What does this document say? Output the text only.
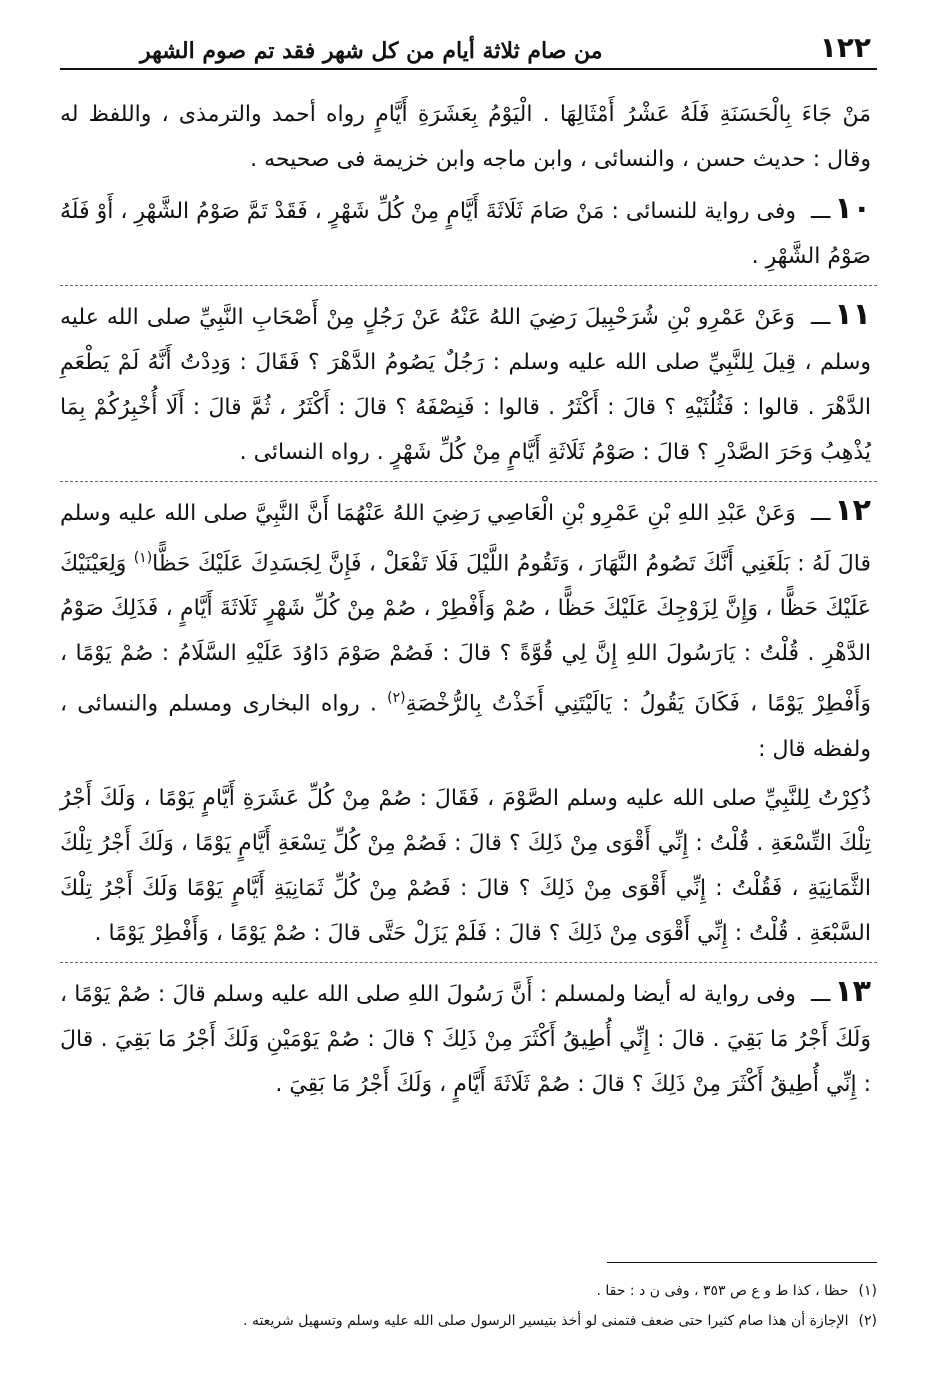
١٢٢
من صام ثلاثة أيام من كل شهر فقد تم صوم الشهر

مَنْ جَاءَ بِالْحَسَنَةِ فَلَهُ عَشْرُ أَمْثَالِهَا . الْيَوْمُ بِعَشَرَةِ أَيَّامٍ رواه أحمد والترمذى ، واللفظ له وقال : حديث حسن ، والنسائى ، وابن ماجه وابن خزيمة فى صحيحه .

١٠ـــ وفى رواية للنسائى : مَنْ صَامَ ثَلَاثَةَ أَيَّامٍ مِنْ كُلِّ شَهْرٍ ، فَقَدْ تَمَّ صَوْمُ الشَّهْرِ ، أَوْ فَلَهُ صَوْمُ الشَّهْرِ .

١١ـــ وَعَنْ عَمْرِو بْنِ شُرَحْبِيلَ رَضِيَ اللهُ عَنْهُ عَنْ رَجُلٍ مِنْ أَصْحَابِ النَّبِيِّ صلى الله عليه وسلم ، قِيلَ لِلنَّبِيِّ صلى الله عليه وسلم : رَجُلٌ يَصُومُ الدَّهْرَ ؟ فَقَالَ : وَدِدْتُ أَنَّهُ لَمْ يَطْعَمِ الدَّهْرَ . قالوا : فَثُلُثَيْهِ ؟ قالَ : أَكْثَرُ . قالوا : فَنِصْفَهُ ؟ قالَ : أَكْثَرُ ، ثُمَّ قالَ : أَلَا أُخْبِرُكُمْ بِمَا يُذْهِبُ وَحَرَ الصَّدْرِ ؟ قالَ : صَوْمُ ثَلَاثَةِ أَيَّامٍ مِنْ كُلِّ شَهْرٍ . رواه النسائى .

١٢ـــ وَعَنْ عَبْدِ اللهِ بْنِ عَمْرِو بْنِ الْعَاصِي رَضِيَ اللهُ عَنْهُمَا أَنَّ النَّبِيَّ صلى الله عليه وسلم قالَ لَهُ : بَلَغَنِي أَنَّكَ تَصُومُ النَّهَارَ ، وَتَقُومُ اللَّيْلَ فَلَا تَفْعَلْ ، فَإِنَّ لِجَسَدِكَ عَلَيْكَ حَظًّا$^{(١)}$ وَلِعَيْنَيْكَ عَلَيْكَ حَظًّا ، وَإِنَّ لِزَوْجِكَ عَلَيْكَ حَظًّا ، صُمْ وَأَفْطِرْ ، صُمْ مِنْ كُلِّ شَهْرٍ ثَلَاثَةَ أَيَّامٍ ، فَذَلِكَ صَوْمُ الدَّهْرِ . قُلْتُ : يَارَسُولَ اللهِ إِنَّ لِي قُوَّةً ؟ قالَ : فَصُمْ صَوْمَ دَاوُدَ عَلَيْهِ السَّلَامُ : صُمْ يَوْمًا ، وَأَفْطِرْ يَوْمًا ، فَكَانَ يَقُولُ : يَالَيْتَنِي أَخَذْتُ بِالرُّخْصَةِ$^{(٢)}$ . رواه البخارى ومسلم والنسائى ، ولفظه قال :

ذُكِرْتُ لِلنَّبِيِّ صلى الله عليه وسلم الصَّوْمَ ، فَقَالَ : صُمْ مِنْ كُلِّ عَشَرَةِ أَيَّامٍ يَوْمًا ، وَلَكَ أَجْرُ تِلْكَ التِّسْعَةِ . قُلْتُ : إِنِّي أَقْوَى مِنْ ذَلِكَ ؟ قالَ : فَصُمْ مِنْ كُلِّ تِسْعَةِ أَيَّامٍ يَوْمًا ، وَلَكَ أَجْرُ تِلْكَ الثَّمَانِيَةِ ، فَقُلْتُ : إِنِّي أَقْوَى مِنْ ذَلِكَ ؟ قالَ : فَصُمْ مِنْ كُلِّ ثَمَانِيَةِ أَيَّامٍ يَوْمًا وَلَكَ أَجْرُ تِلْكَ السَّبْعَةِ . قُلْتُ : إِنِّي أَقْوَى مِنْ ذَلِكَ ؟ قالَ : فَلَمْ يَزَلْ حَتَّى قالَ : صُمْ يَوْمًا ، وَأَفْطِرْ يَوْمًا .

١٣ـــ وفى رواية له أيضا ولمسلم : أَنَّ رَسُولَ اللهِ صلى الله عليه وسلم قالَ : صُمْ يَوْمًا ، وَلَكَ أَجْرُ مَا بَقِيَ . قالَ : إِنِّي أُطِيقُ أَكْثَرَ مِنْ ذَلِكَ ؟ قالَ : صُمْ يَوْمَيْنِ وَلَكَ أَجْرُ مَا بَقِيَ . قالَ : إِنِّي أُطِيقُ أَكْثَرَ مِنْ ذَلِكَ ؟ قالَ : صُمْ ثَلَاثَةَ أَيَّامٍ ، وَلَكَ أَجْرُ مَا بَقِيَ .

(١)حظا ، كذا ط و ع ص ٣٥٣ ، وفى ن د : حقا .

(٢)الإجازة أن هذا صام كثيرا حتى ضعف فتمنى لو أخذ بتيسير الرسول صلى الله عليه وسلم وتسهيل شريعته .
